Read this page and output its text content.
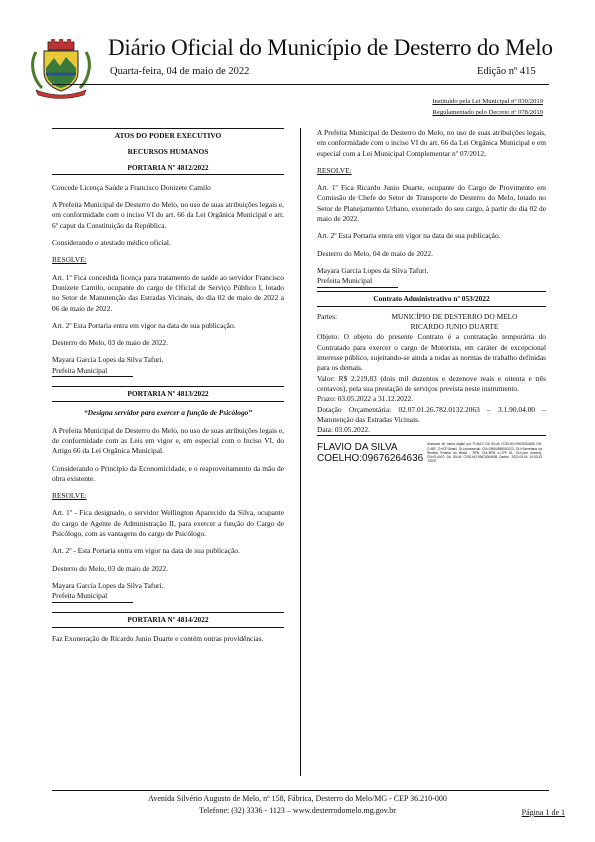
Diário Oficial do Município de Desterro do Melo
Quarta-feira, 04 de maio de 2022	Edição nº 415
Instituído pela Lei Municipal nº 930/2019
Regulamentado pelo Decreto nº 078/2019
ATOS DO PODER EXECUTIVO
RECURSOS HUMANOS
PORTARIA Nº 4812/2022

Concede Licença Saúde a Francisco Donizete Camilo

A Prefeita Municipal de Desterro do Melo, no uso de suas atribuições legais e, em conformidade com o inciso VI do art. 66 da Lei Orgânica Municipal e art. 6º caput da Constituição da República.

Considerando o atestado médico oficial.

RESOLVE:

Art. 1º Fica concedida licença para tratamento de saúde ao servidor Francisco Donizete Camilo, ocupante do cargo de Oficial de Serviço Público I, lotado no Setor de Manutenção das Estradas Vicinais, do dia 02 de maio de 2022 a 06 de maio de 2022.

Art. 2º Esta Portaria entra em vigor na data de sua publicação.

Desterro do Melo, 03 de maio de 2022.

Mayara Garcia Lopes da Silva Tafuri.
Prefeita Municipal
PORTARIA Nº 4813/2022

“Designa servidor para exercer a função de Psicólogo”

A Prefeita Municipal de Desterro do Melo, no uso de suas atribuições legais e, de conformidade com as Leis em vigor e, em especial com o Inciso VI, do Artigo 66 da Lei Orgânica Municipal.

Considerando o Princípio da Economicidade, e o reaproveitamento da mão de obra existente.

RESOLVE:

Art. 1º - Fica designado, o servidor Wellington Aparecido da Silva, ocupante do cargo de Agente de Administração II, para exercer a função do Cargo de Psicólogo, com as vantagens do cargo de Psicólogo.

Art. 2º - Esta Portaria entra em vigor na data de sua publicação.

Desterro do Melo, 03 de maio de 2022.

Mayara Garcia Lopes da Silva Tafuri.
Prefeita Municipal
PORTARIA Nº 4814/2022

Faz Exoneração de Ricardo Junio Duarte e contém outras providências.

A Prefeita Municipal de Desterro do Melo, no uso de suas atribuições legais, em conformidade com o inciso VI do art. 66 da Lei Orgânica Municipal e em especial com a Lei Municipal Complementar nº 07/2012,

RESOLVE:

Art. 1º Fica Ricardo Junio Duarte, ocupante do Cargo de Provimento em Comissão de Chefe do Setor de Transporte de Desterro do Melo, lotado no Setor de Planejamento Urbano, exonerado do seu cargo, à partir do dia 02 de maio de 2022.

Art. 2º Esta Portaria entra em vigor na data de sua publicação.

Desterro do Melo, 04 de maio de 2022.

Mayara Garcia Lopes da Silva Tafuri.
Prefeita Municipal
Contrato Administrativo nº 053/2022
Partes:	MUNICÍPIO DE DESTERRO DO MELO
RICARDO JUNIO DUARTE
Objeto: O objeto do presente Contrato é a contratação temporária do Contratado para exercer o cargo de Motorista, em caráter de excepcional interesse público, sujeitando-se ainda a todas as normas de trabalho definidas para os demais.
Valor: R$ 2.219,83 (dois mil duzentos e dezenove reais e oitenta e três centavos), pela sua prestação de serviços prevista neste instrumento.
Prazo: 03.05.2022 a 31.12.2022.
Dotação Orçamentária: 02.07.01.26.782.0132.2063 – 3.1.90.04.00 – Manutenção das Estradas Vicinais.
Data: 03.05.2022.
FLAVIO DA SILVA
COELHO:09676264636
Assinado de forma digital por FLAVIO DA SILVA COELHO:09676264636 DN: C=BR, O=ICP-Brasil, OU=presencial, OU=26994558000123, OU=Secretaria da Receita Federal do Brasil - RFB, OU=RFB e-CPF A1, OU=(em branco), CN=FLAVIO DA SILVA COELHO:09676264636 Dados: 2022.05.04 10:03:42 -03'00'
Avenida Silvério Augusto de Melo, nº 158, Fábrica, Desterro do Melo/MG - CEP 36.210-000
Telefone: (32) 3336 - 1123 – www.desterrodomelo.mg.gov.br	Página 1 de 1
